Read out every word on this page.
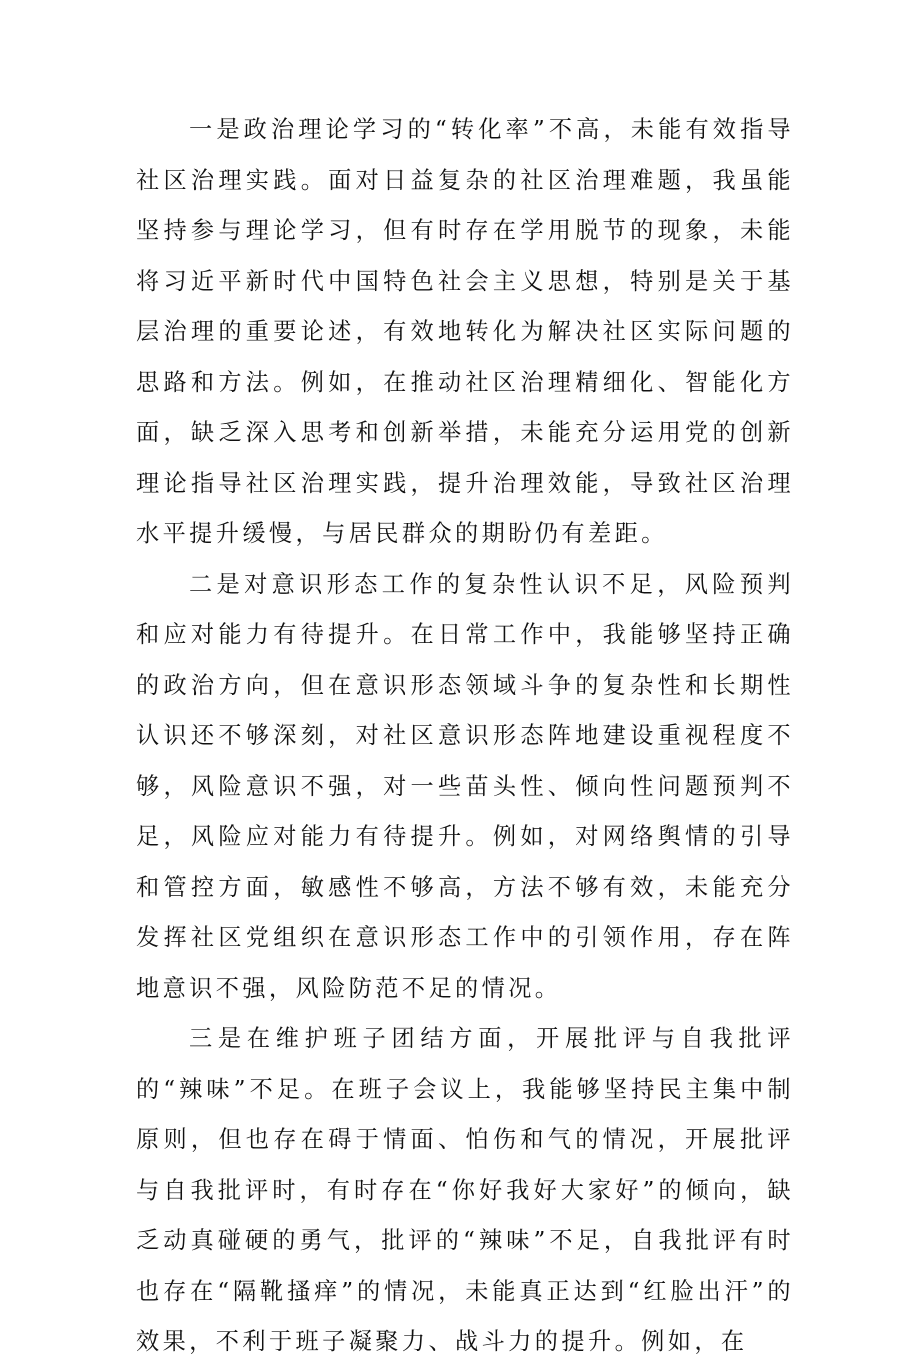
一是政治理论学习的“转化率”不高，未能有效指导社区治理实践。面对日益复杂的社区治理难题，我虽能坚持参与理论学习，但有时存在学用脱节的现象，未能将习近平新时代中国特色社会主义思想，特别是关于基层治理的重要论述，有效地转化为解决社区实际问题的思路和方法。例如，在推动社区治理精细化、智能化方面，缺乏深入思考和创新举措，未能充分运用党的创新理论指导社区治理实践，提升治理效能，导致社区治理水平提升缓慢，与居民群众的期盼仍有差距。

二是对意识形态工作的复杂性认识不足，风险预判和应对能力有待提升。在日常工作中，我能够坚持正确的政治方向，但在意识形态领域斗争的复杂性和长期性认识还不够深刻，对社区意识形态阵地建设重视程度不够，风险意识不强，对一些苗头性、倾向性问题预判不足，风险应对能力有待提升。例如，对网络舆情的引导和管控方面，敏感性不够高，方法不够有效，未能充分发挥社区党组织在意识形态工作中的引领作用，存在阵地意识不强，风险防范不足的情况。

三是在维护班子团结方面，开展批评与自我批评的“辣味”不足。在班子会议上，我能够坚持民主集中制原则，但也存在碍于情面、怕伤和气的情况，开展批评与自我批评时，有时存在“你好我好大家好”的倾向，缺乏动真碰硬的勇气，批评的“辣味”不足，自我批评有时也存在“隔靴搔痒”的情况，未能真正达到“红脸出汗”的效果，不利于班子凝聚力、战斗力的提升。例如，在
